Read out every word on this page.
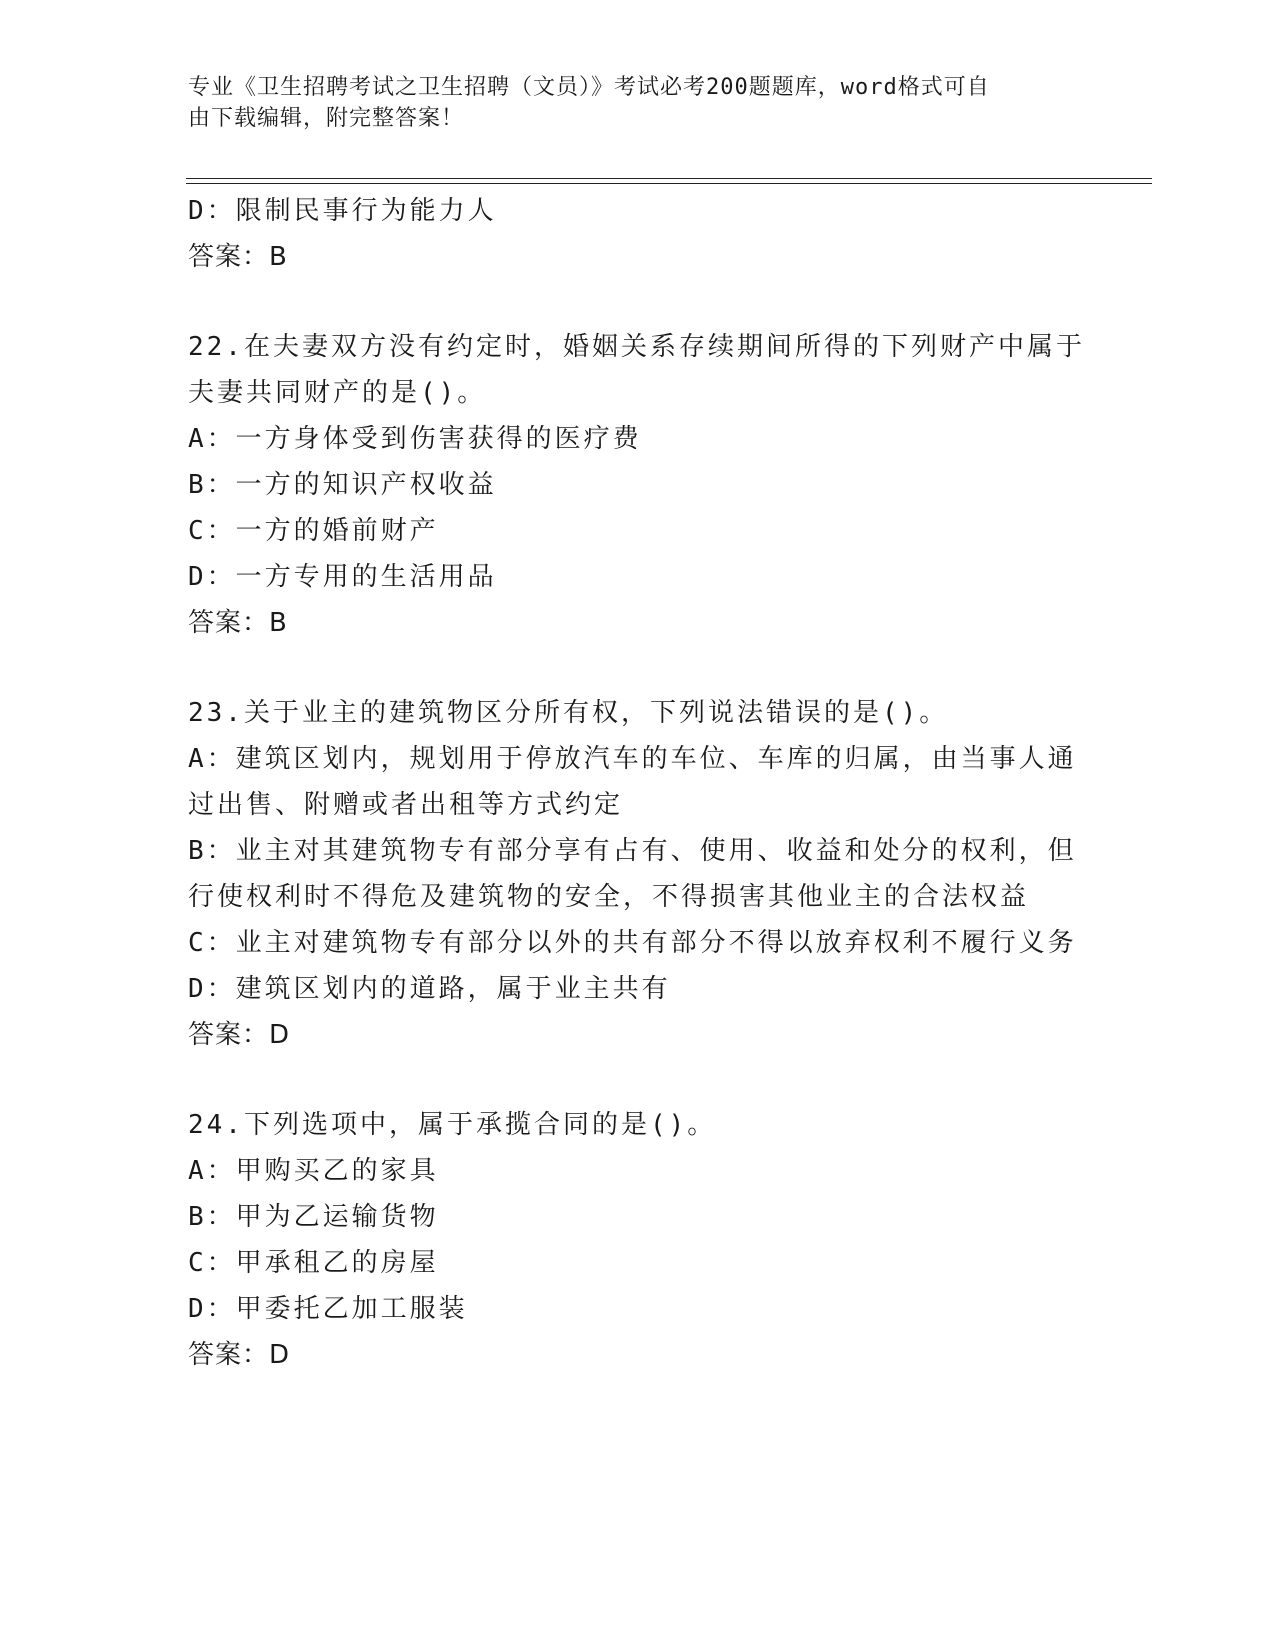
专业《卫生招聘考试之卫生招聘（文员）》考试必考200题题库，word格式可自
由下载编辑，附完整答案！
D：限制民事行为能力人
答案：B
22.在夫妻双方没有约定时，婚姻关系存续期间所得的下列财产中属于
夫妻共同财产的是()。
A：一方身体受到伤害获得的医疗费
B：一方的知识产权收益
C：一方的婚前财产
D：一方专用的生活用品
答案：B
23.关于业主的建筑物区分所有权，下列说法错误的是()。
A：建筑区划内，规划用于停放汽车的车位、车库的归属，由当事人通
过出售、附赠或者出租等方式约定
B：业主对其建筑物专有部分享有占有、使用、收益和处分的权利，但
行使权利时不得危及建筑物的安全，不得损害其他业主的合法权益
C：业主对建筑物专有部分以外的共有部分不得以放弃权利不履行义务
D：建筑区划内的道路，属于业主共有
答案：D
24.下列选项中，属于承揽合同的是()。
A：甲购买乙的家具
B：甲为乙运输货物
C：甲承租乙的房屋
D：甲委托乙加工服装
答案：D
